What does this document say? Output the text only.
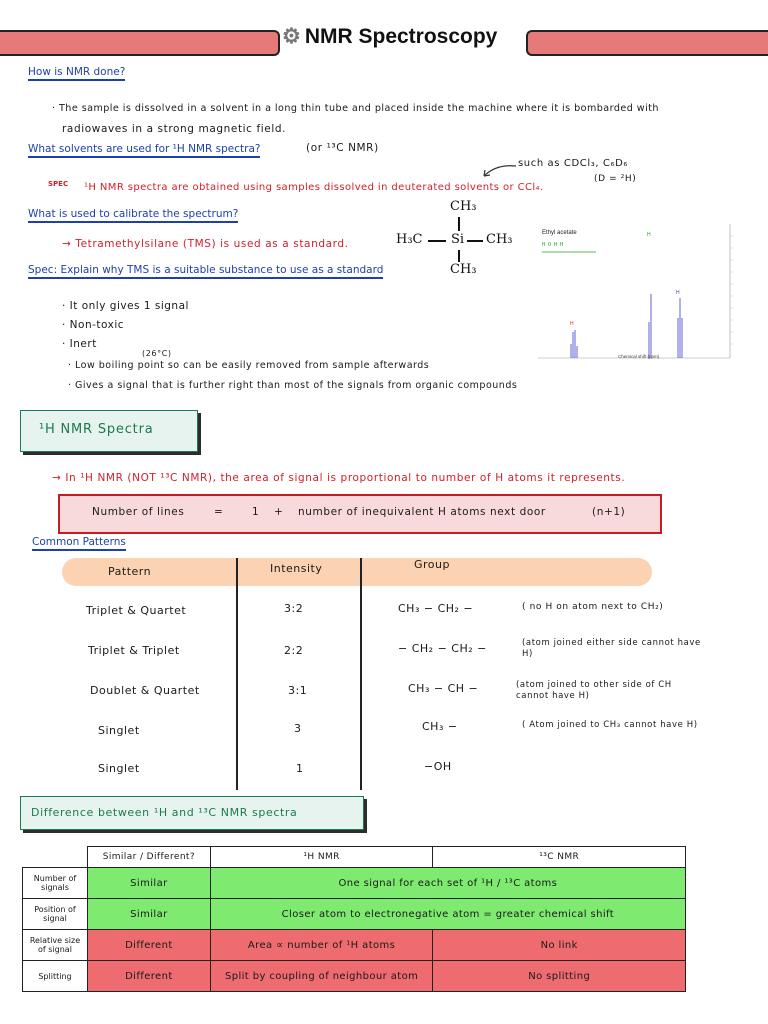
⚙ NMR Spectroscopy
How is NMR done?
· The sample is dissolved in a solvent in a long thin tube and placed inside the machine where it is bombarded with
radiowaves in a strong magnetic field.
What solvents are used for ¹H NMR spectra?	(or ¹³C NMR)
such as CDCl₃, C₆D₆
(D = ²H)
SPEC ¹H NMR spectra are obtained using samples dissolved in deuterated solvents or CCl₄.
What is used to calibrate the spectrum?
→ Tetramethylsilane (TMS) is used as a standard.
CH₃
H₃C Si CH₃
CH₃
Ethyl acetate
H O H H
Chemical shift (ppm)
H
H
H
Spec: Explain why TMS is a suitable substance to use as a standard
· It only gives 1 signal
· Non-toxic
· Inert
(26°C)
· Low boiling point so can be easily removed from sample afterwards
· Gives a signal that is further right than most of the signals from organic compounds
¹H NMR Spectra
→ In ¹H NMR (NOT ¹³C NMR), the area of signal is proportional to number of H atoms it represents.
Number of lines	=	1 + number of inequivalent H atoms next door	(n+1)
Common Patterns
Pattern	Intensity	Group
Triplet & Quartet	3:2	CH₃ − CH₂ −	( no H on atom next to CH₂)
Triplet & Triplet	2:2	− CH₂ − CH₂ −	(atom joined either side cannot have H)
Doublet & Quartet	3:1	CH₃ − CH −	(atom joined to other side of CH cannot have H)
Singlet	3	CH₃ −	( Atom joined to CH₃ cannot have H)
Singlet	1	−OH
Difference between ¹H and ¹³C NMR spectra
	Similar / Different?	¹H NMR	¹³C NMR
Number of signals	Similar	One signal for each set of ¹H / ¹³C atoms	
Position of signal	Similar	Closer atom to electronegative atom = greater chemical shift	
Relative size of signal	Different	Area ∝ number of ¹H atoms	No link
Splitting	Different	Split by coupling of neighbour atom	No splitting
